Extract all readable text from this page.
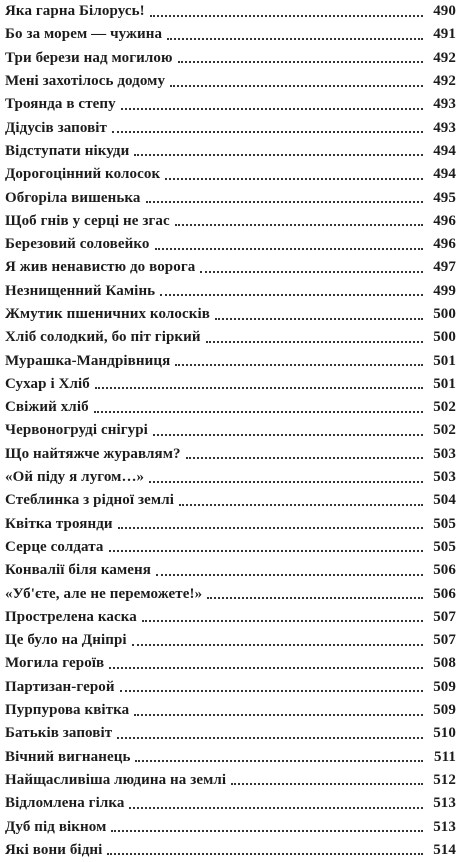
Яка гарна Білорусь!	490
Бо за морем — чужина	491
Три берези над могилою	492
Мені захотілось додому	492
Троянда в степу	493
Дідусів заповіт	493
Відступати нікуди	494
Дорогоцінний колосок	494
Обгоріла вишенька	495
Щоб гнів у серці не згас	496
Березовий соловейко	496
Я жив ненавистю до ворога	497
Незнищенний Камінь	499
Жмутик пшеничних колосків	500
Хліб солодкий, бо піт гіркий	500
Мурашка-Мандрівниця	501
Сухар і Хліб	501
Свіжий хліб	502
Червоногруді снігурі	502
Що найтяжче журавлям?	503
«Ой піду я лугом…»	503
Стеблинка з рідної землі	504
Квітка троянди	505
Серце солдата	505
Конвалії біля каменя	506
«Уб'єте, але не переможете!»	506
Прострелена каска	507
Це було на Дніпрі	507
Могила героїв	508
Партизан-герой	509
Пурпурова квітка	509
Батьків заповіт	510
Вічний вигнанець	511
Найщасливіша людина на землі	512
Відломлена гілка	513
Дуб під вікном	513
Які вони бідні	514
